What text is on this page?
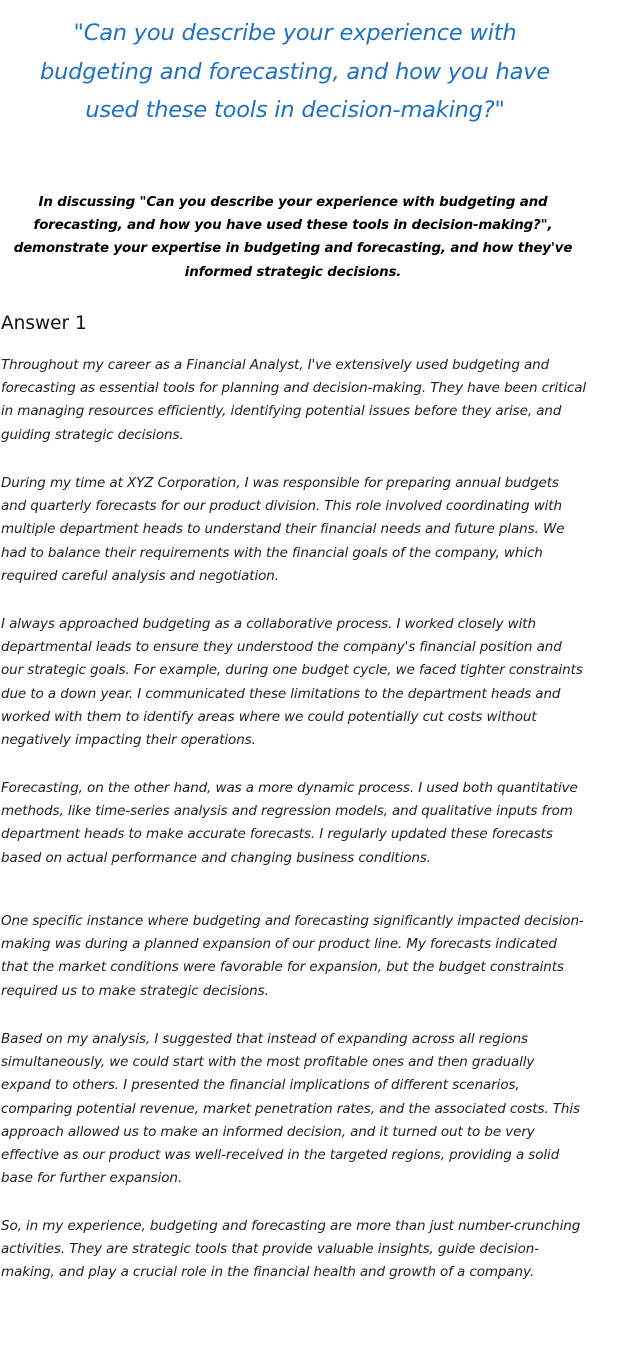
"Can you describe your experience with budgeting and forecasting, and how you have used these tools in decision-making?"

In discussing "Can you describe your experience with budgeting and forecasting, and how you have used these tools in decision-making?", demonstrate your expertise in budgeting and forecasting, and how they've informed strategic decisions.

Answer 1

Throughout my career as a Financial Analyst, I've extensively used budgeting and forecasting as essential tools for planning and decision-making. They have been critical in managing resources efficiently, identifying potential issues before they arise, and guiding strategic decisions.

During my time at XYZ Corporation, I was responsible for preparing annual budgets and quarterly forecasts for our product division. This role involved coordinating with multiple department heads to understand their financial needs and future plans. We had to balance their requirements with the financial goals of the company, which required careful analysis and negotiation.

I always approached budgeting as a collaborative process. I worked closely with departmental leads to ensure they understood the company's financial position and our strategic goals. For example, during one budget cycle, we faced tighter constraints due to a down year. I communicated these limitations to the department heads and worked with them to identify areas where we could potentially cut costs without negatively impacting their operations.

Forecasting, on the other hand, was a more dynamic process. I used both quantitative methods, like time-series analysis and regression models, and qualitative inputs from department heads to make accurate forecasts. I regularly updated these forecasts based on actual performance and changing business conditions.

One specific instance where budgeting and forecasting significantly impacted decision-making was during a planned expansion of our product line. My forecasts indicated that the market conditions were favorable for expansion, but the budget constraints required us to make strategic decisions.

Based on my analysis, I suggested that instead of expanding across all regions simultaneously, we could start with the most profitable ones and then gradually expand to others. I presented the financial implications of different scenarios, comparing potential revenue, market penetration rates, and the associated costs. This approach allowed us to make an informed decision, and it turned out to be very effective as our product was well-received in the targeted regions, providing a solid base for further expansion.

So, in my experience, budgeting and forecasting are more than just number-crunching activities. They are strategic tools that provide valuable insights, guide decision-making, and play a crucial role in the financial health and growth of a company.
